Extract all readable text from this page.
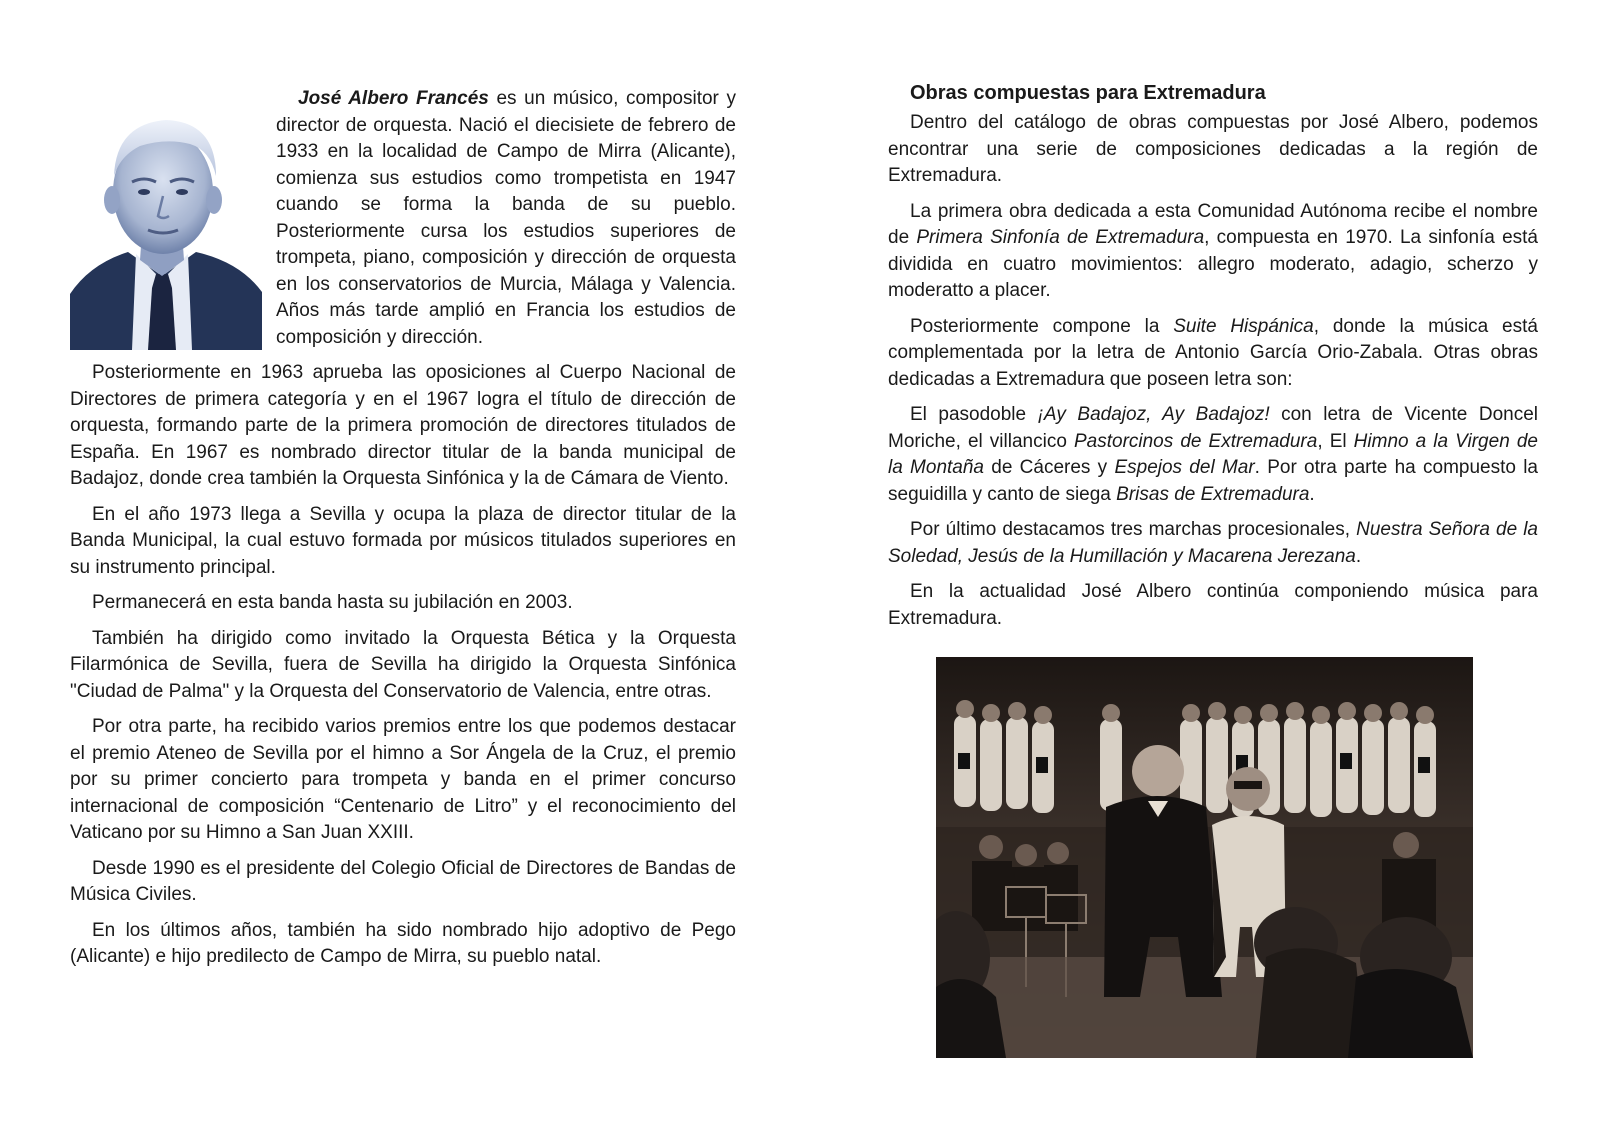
José Albero Francés es un músico, compositor y director de orquesta. Nació el diecisiete de febrero de 1933 en la localidad de Campo de Mirra (Alicante), comienza sus estudios como trompetista en 1947 cuando se forma la banda de su pueblo. Posteriormente cursa los estudios superiores de trompeta, piano, composición y dirección de orquesta en los conservatorios de Murcia, Málaga y Valencia. Años más tarde amplió en Francia los estudios de composición y dirección.

Posteriormente en 1963 aprueba las oposiciones al Cuerpo Nacional de Directores de primera categoría y en el 1967 logra el título de dirección de orquesta, formando parte de la primera promoción de directores titulados de España. En 1967 es nombrado director titular de la banda municipal de Badajoz, donde crea también la Orquesta Sinfónica y la de Cámara de Viento.

En el año 1973 llega a Sevilla y ocupa la plaza de director titular de la Banda Municipal, la cual estuvo formada por músicos titulados superiores en su instrumento principal.

Permanecerá en esta banda hasta su jubilación en 2003.

También ha dirigido como invitado la Orquesta Bética y la Orquesta Filarmónica de Sevilla, fuera de Sevilla ha dirigido la Orquesta Sinfónica "Ciudad de Palma" y la Orquesta del Conservatorio de Valencia, entre otras.

Por otra parte, ha recibido varios premios entre los que podemos destacar el premio Ateneo de Sevilla por el himno a Sor Ángela de la Cruz, el premio por su primer concierto para trompeta y banda en el primer concurso internacional de composición “Centenario de Litro” y el reconocimiento del Vaticano por su Himno a San Juan XXIII.

Desde 1990 es el presidente del Colegio Oficial de Directores de Bandas de Música Civiles.

En los últimos años, también ha sido nombrado hijo adoptivo de Pego (Alicante) e hijo predilecto de Campo de Mirra, su pueblo natal.

Obras compuestas para Extremadura

Dentro del catálogo de obras compuestas por José Albero, podemos encontrar una serie de composiciones dedicadas a la región de Extremadura.

La primera obra dedicada a esta Comunidad Autónoma recibe el nombre de Primera Sinfonía de Extremadura, compuesta en 1970. La sinfonía está dividida en cuatro movimientos: allegro moderato, adagio, scherzo y moderatto a placer.

Posteriormente compone la Suite Hispánica, donde la música está complementada por la letra de Antonio García Orio-Zabala. Otras obras dedicadas a Extremadura que poseen letra son:

El pasodoble ¡Ay Badajoz, Ay Badajoz! con letra de Vicente Doncel Moriche, el villancico Pastorcinos de Extremadura, El Himno a la Virgen de la Montaña de Cáceres y Espejos del Mar. Por otra parte ha compuesto la seguidilla y canto de siega Brisas de Extremadura.

Por último destacamos tres marchas procesionales, Nuestra Señora de la Soledad, Jesús de la Humillación y Macarena Jerezana.

En la actualidad José Albero continúa componiendo música para Extremadura.
